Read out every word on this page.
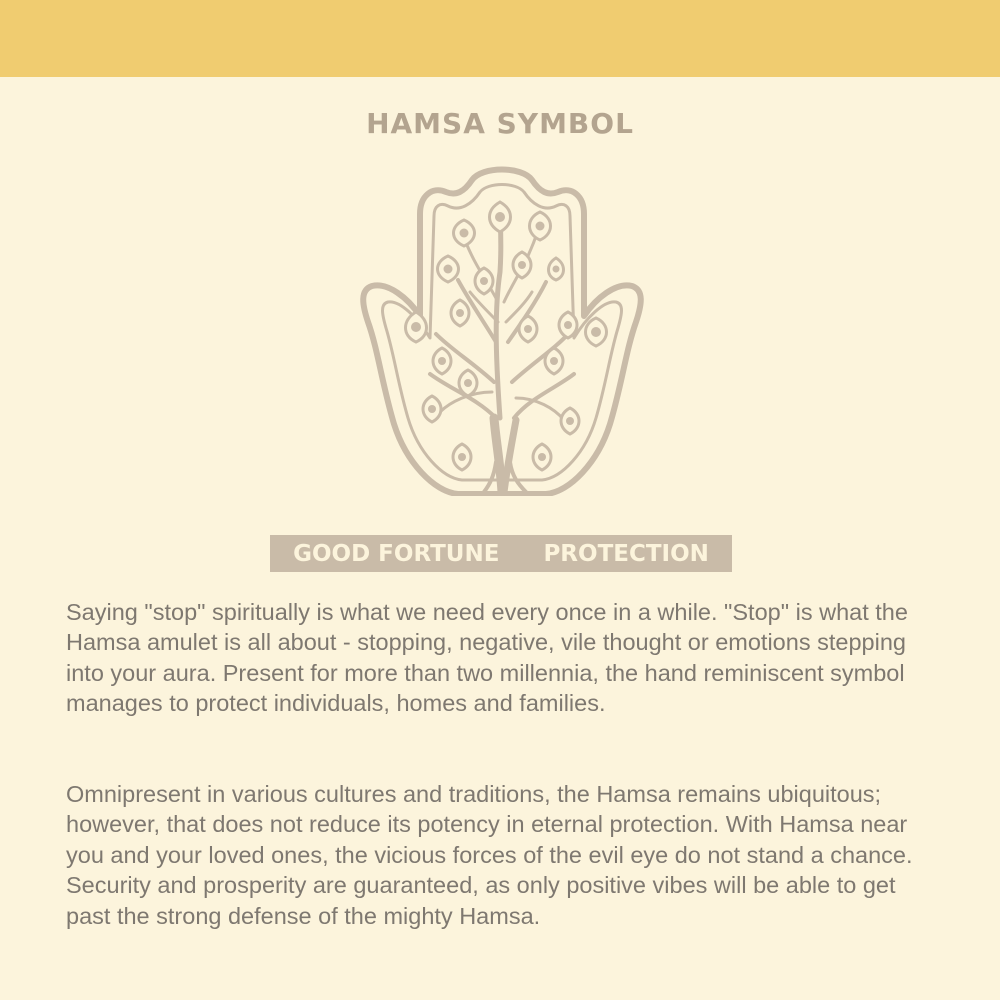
HAMSA SYMBOL
GOOD FORTUNE PROTECTION
Saying "stop" spiritually is what we need every once in a while. "Stop" is what the Hamsa amulet is all about - stopping, negative, vile thought or emotions stepping into your aura. Present for more than two millennia, the hand reminiscent symbol manages to protect individuals, homes and families.
Omnipresent in various cultures and traditions, the Hamsa remains ubiquitous; however, that does not reduce its potency in eternal protection. With Hamsa near you and your loved ones, the vicious forces of the evil eye do not stand a chance. Security and prosperity are guaranteed, as only positive vibes will be able to get past the strong defense of the mighty Hamsa.
